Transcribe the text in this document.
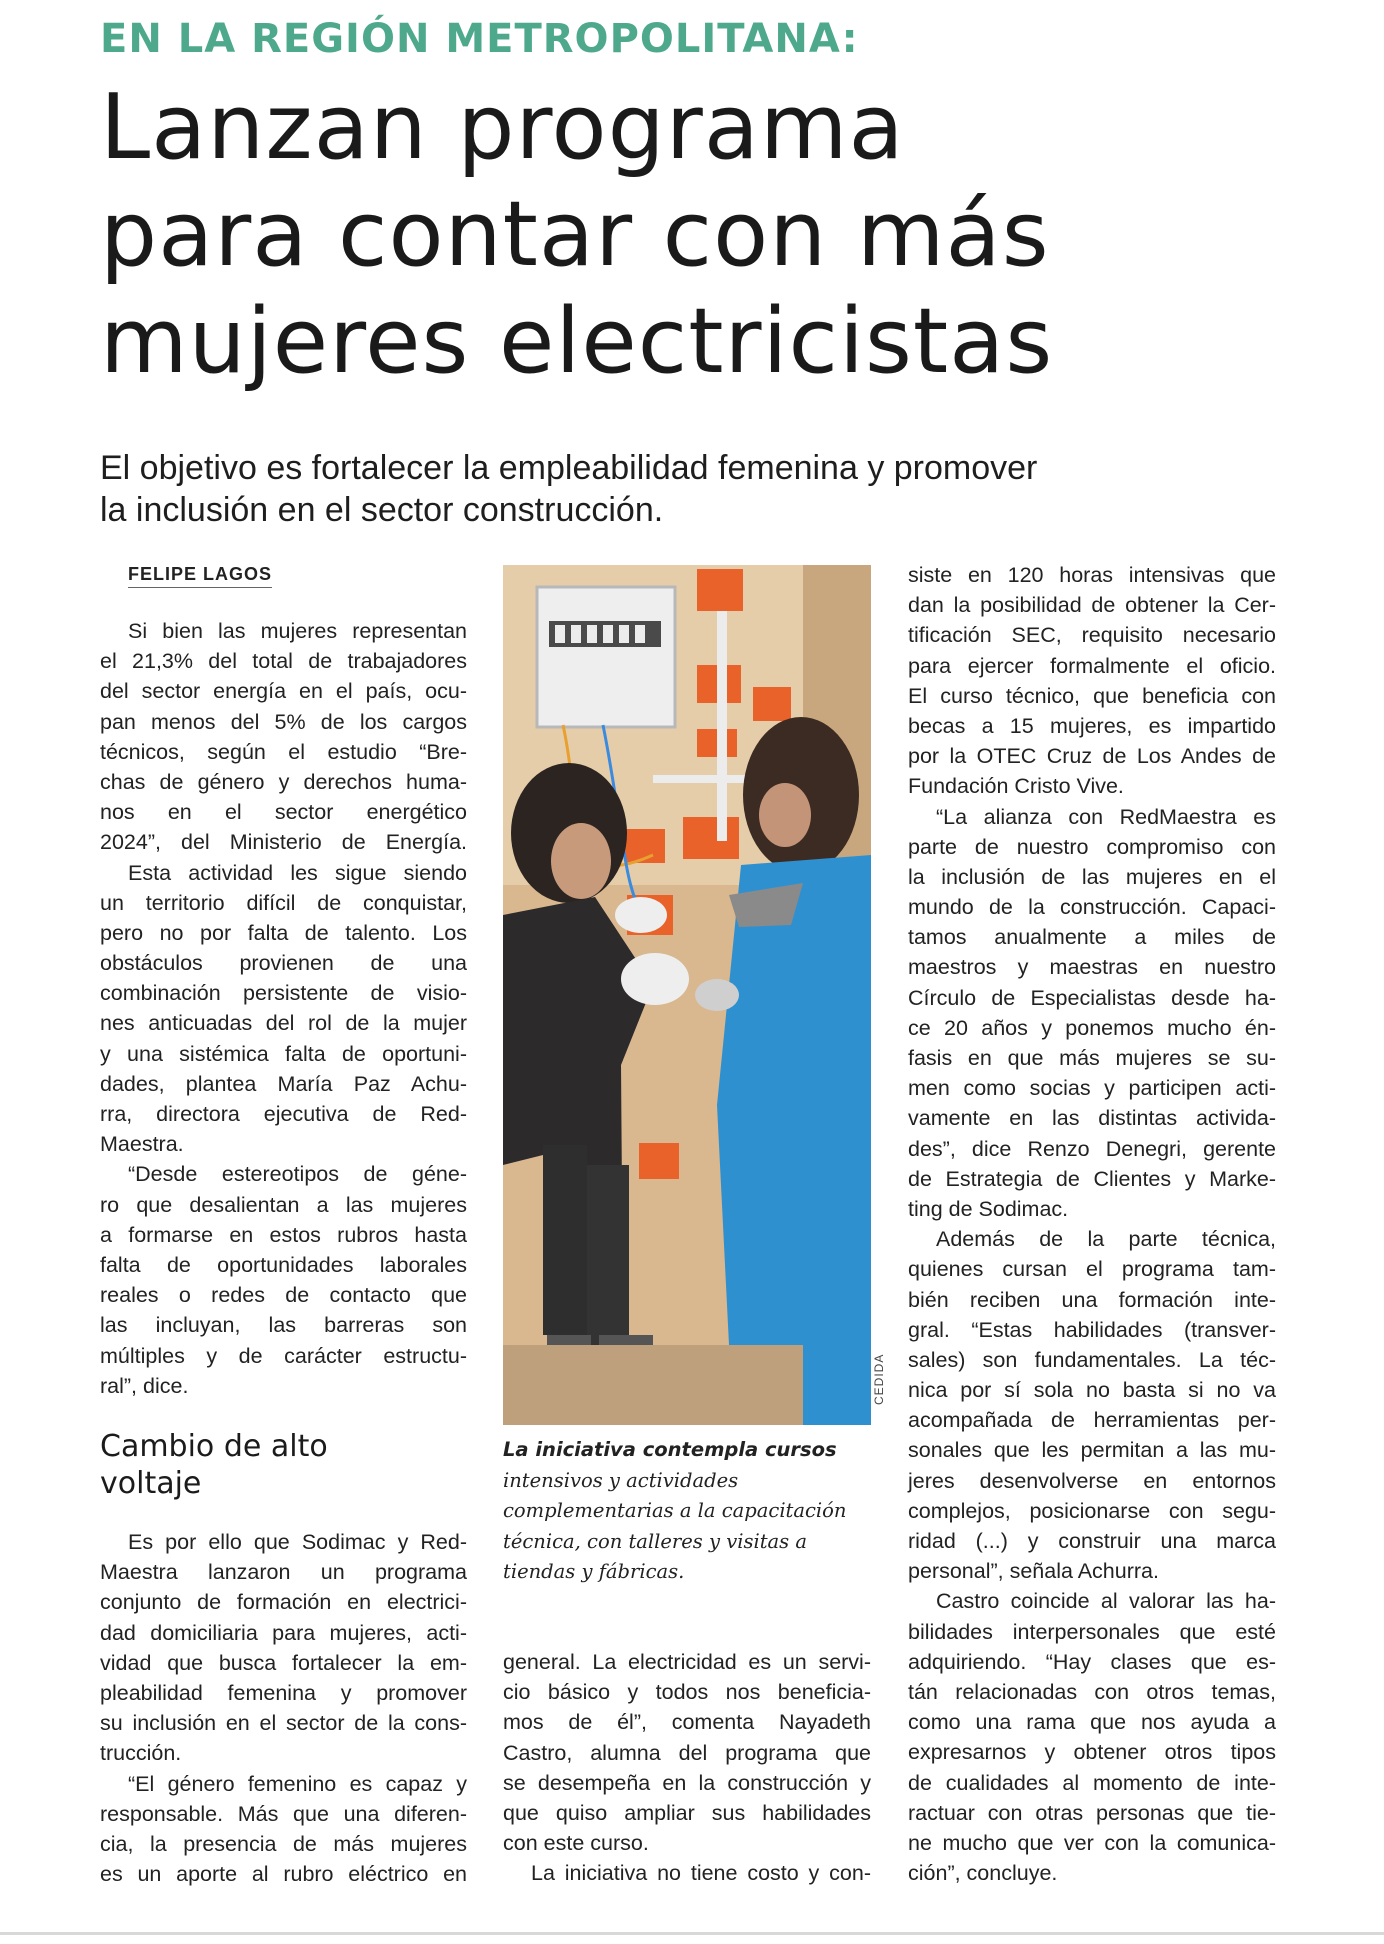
EN LA REGIÓN METROPOLITANA:
Lanzan programa
para contar con más
mujeres electricistas
El objetivo es fortalecer la empleabilidad femenina y promover
la inclusión en el sector construcción.
FELIPE LAGOS
Si bien las mujeres representan
el 21,3% del total de trabajadores
del sector energía en el país, ocu-
pan menos del 5% de los cargos
técnicos, según el estudio “Bre-
chas de género y derechos huma-
nos en el sector energético
2024”, del Ministerio de Energía.
Esta actividad les sigue siendo
un territorio difícil de conquistar,
pero no por falta de talento. Los
obstáculos provienen de una
combinación persistente de visio-
nes anticuadas del rol de la mujer
y una sistémica falta de oportuni-
dades, plantea María Paz Achu-
rra, directora ejecutiva de Red-
Maestra.
“Desde estereotipos de géne-
ro que desalientan a las mujeres
a formarse en estos rubros hasta
falta de oportunidades laborales
reales o redes de contacto que
las incluyan, las barreras son
múltiples y de carácter estructu-
ral”, dice.
Cambio de alto
voltaje
Es por ello que Sodimac y Red-
Maestra lanzaron un programa
conjunto de formación en electrici-
dad domiciliaria para mujeres, acti-
vidad que busca fortalecer la em-
pleabilidad femenina y promover
su inclusión en el sector de la cons-
trucción.
“El género femenino es capaz y
responsable. Más que una diferen-
cia, la presencia de más mujeres
es un aporte al rubro eléctrico en
CEDIDA
La iniciativa contempla cursos
intensivos y actividades
complementarias a la capacitación
técnica, con talleres y visitas a
tiendas y fábricas.
general. La electricidad es un servi-
cio básico y todos nos beneficia-
mos de él”, comenta Nayadeth
Castro, alumna del programa que
se desempeña en la construcción y
que quiso ampliar sus habilidades
con este curso.
La iniciativa no tiene costo y con-
siste en 120 horas intensivas que
dan la posibilidad de obtener la Cer-
tificación SEC, requisito necesario
para ejercer formalmente el oficio.
El curso técnico, que beneficia con
becas a 15 mujeres, es impartido
por la OTEC Cruz de Los Andes de
Fundación Cristo Vive.
“La alianza con RedMaestra es
parte de nuestro compromiso con
la inclusión de las mujeres en el
mundo de la construcción. Capaci-
tamos anualmente a miles de
maestros y maestras en nuestro
Círculo de Especialistas desde ha-
ce 20 años y ponemos mucho én-
fasis en que más mujeres se su-
men como socias y participen acti-
vamente en las distintas activida-
des”, dice Renzo Denegri, gerente
de Estrategia de Clientes y Marke-
ting de Sodimac.
Además de la parte técnica,
quienes cursan el programa tam-
bién reciben una formación inte-
gral. “Estas habilidades (transver-
sales) son fundamentales. La téc-
nica por sí sola no basta si no va
acompañada de herramientas per-
sonales que les permitan a las mu-
jeres desenvolverse en entornos
complejos, posicionarse con segu-
ridad (...) y construir una marca
personal”, señala Achurra.
Castro coincide al valorar las ha-
bilidades interpersonales que esté
adquiriendo. “Hay clases que es-
tán relacionadas con otros temas,
como una rama que nos ayuda a
expresarnos y obtener otros tipos
de cualidades al momento de inte-
ractuar con otras personas que tie-
ne mucho que ver con la comunica-
ción”, concluye.
